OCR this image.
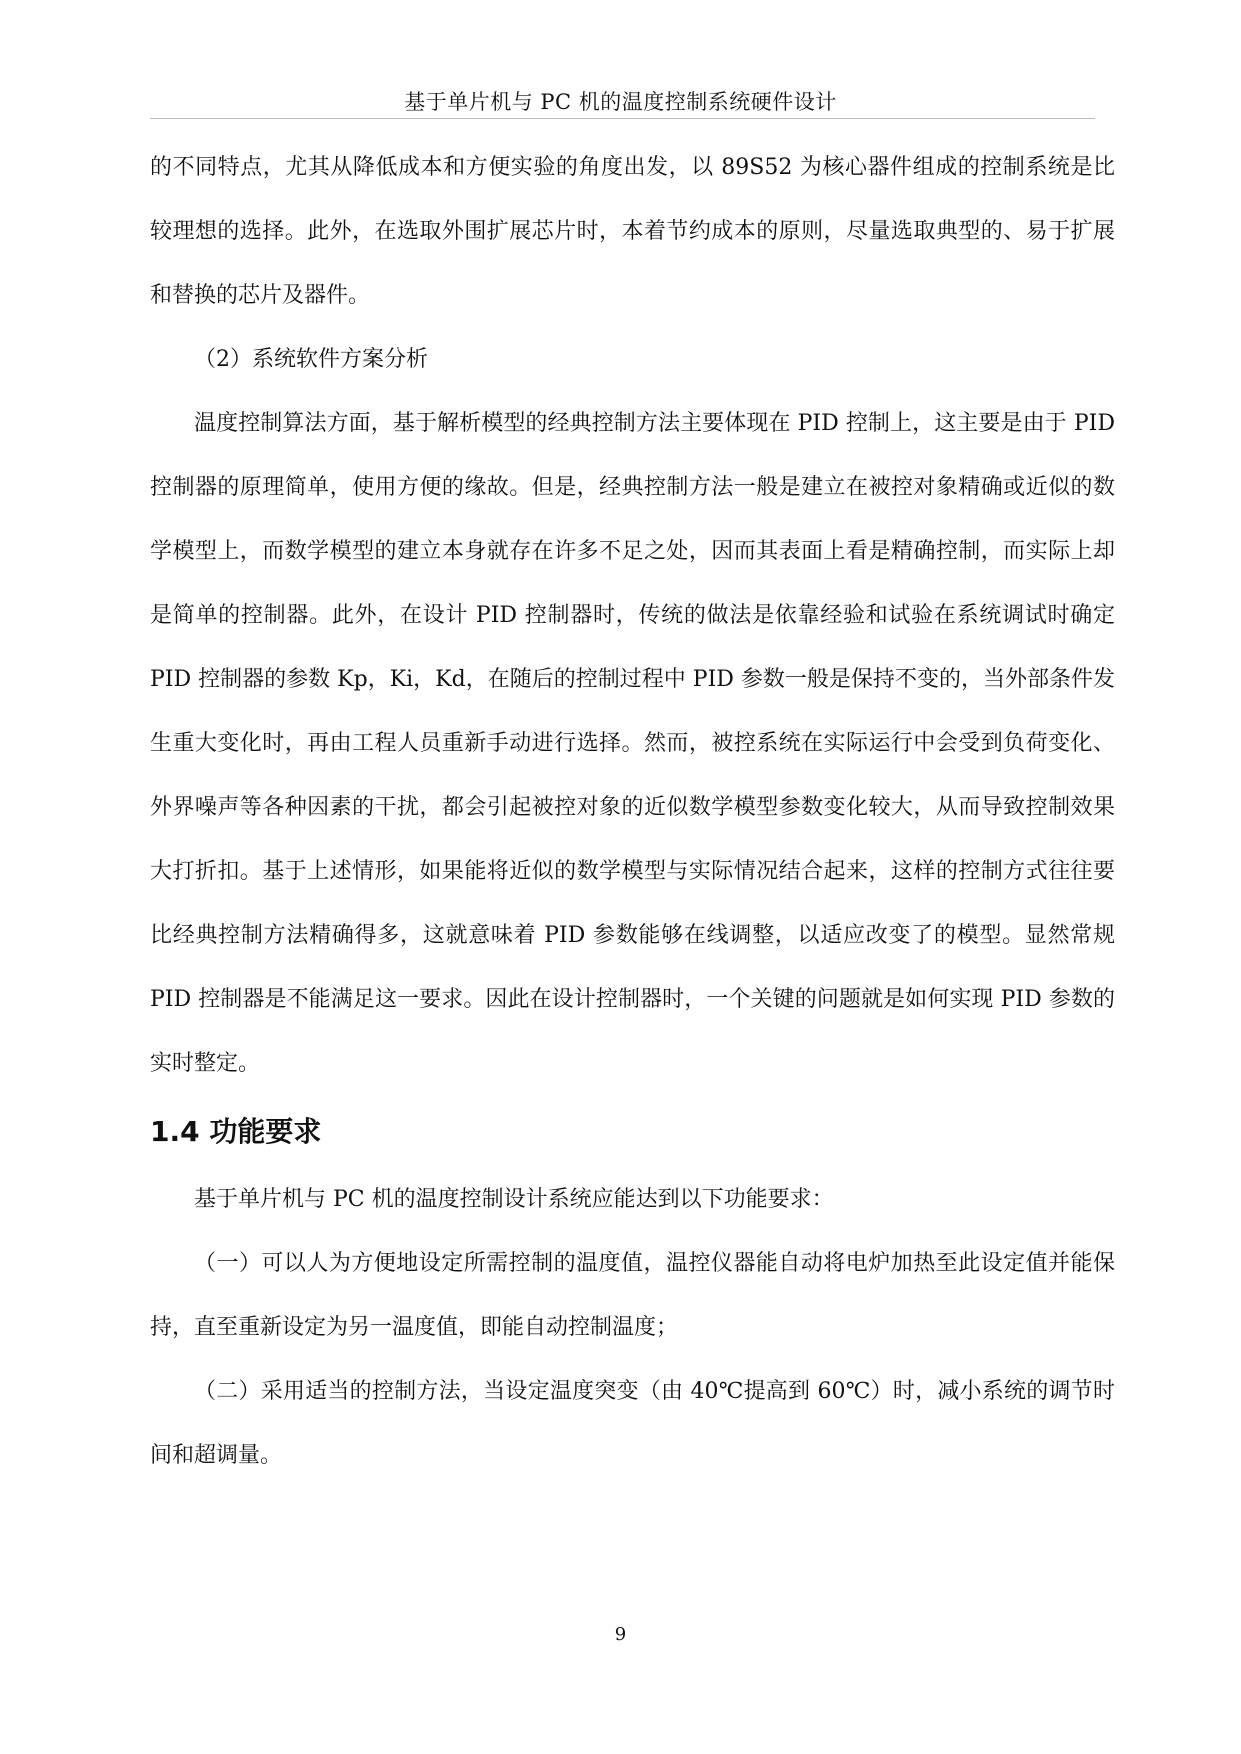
基于单片机与 PC 机的温度控制系统硬件设计

的不同特点，尤其从降低成本和方便实验的角度出发，以 89S52 为核心器件组成的控制系统是比较理想的选择。此外，在选取外围扩展芯片时，本着节约成本的原则，尽量选取典型的、易于扩展和替换的芯片及器件。

（2）系统软件方案分析

温度控制算法方面，基于解析模型的经典控制方法主要体现在 PID 控制上，这主要是由于 PID 控制器的原理简单，使用方便的缘故。但是，经典控制方法一般是建立在被控对象精确或近似的数学模型上，而数学模型的建立本身就存在许多不足之处，因而其表面上看是精确控制，而实际上却是简单的控制器。此外，在设计 PID 控制器时，传统的做法是依靠经验和试验在系统调试时确定 PID 控制器的参数 Kp，Ki，Kd，在随后的控制过程中 PID 参数一般是保持不变的，当外部条件发生重大变化时，再由工程人员重新手动进行选择。然而，被控系统在实际运行中会受到负荷变化、外界噪声等各种因素的干扰，都会引起被控对象的近似数学模型参数变化较大，从而导致控制效果大打折扣。基于上述情形，如果能将近似的数学模型与实际情况结合起来，这样的控制方式往往要比经典控制方法精确得多，这就意味着 PID 参数能够在线调整，以适应改变了的模型。显然常规 PID 控制器是不能满足这一要求。因此在设计控制器时，一个关键的问题就是如何实现 PID 参数的实时整定。

1.4 功能要求

基于单片机与 PC 机的温度控制设计系统应能达到以下功能要求：

（一）可以人为方便地设定所需控制的温度值，温控仪器能自动将电炉加热至此设定值并能保持，直至重新设定为另一温度值，即能自动控制温度；

（二）采用适当的控制方法，当设定温度突变（由 40℃提高到 60℃）时，减小系统的调节时间和超调量。

9
